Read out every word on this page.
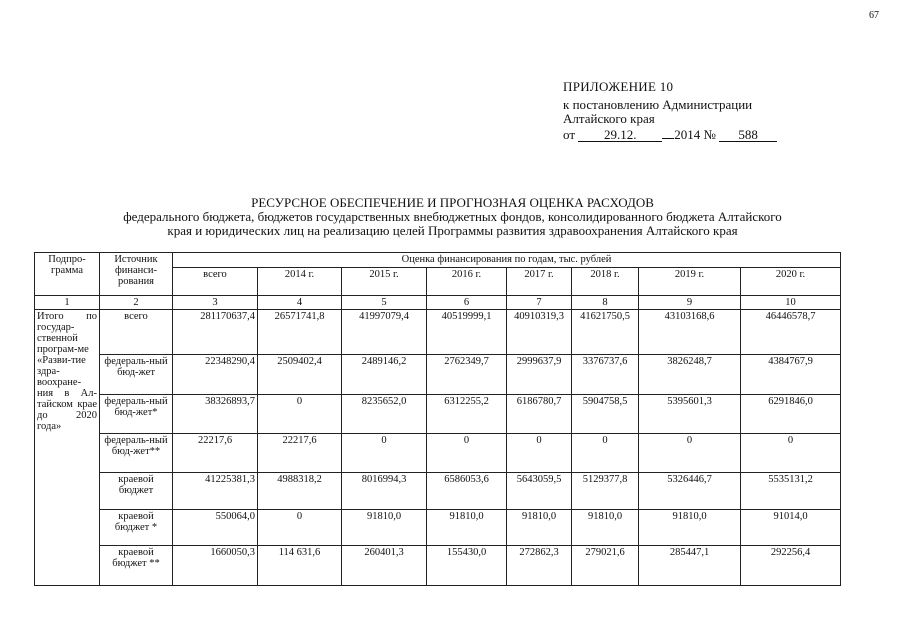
67
ПРИЛОЖЕНИЕ 10
к постановлению Администрации
Алтайского края
от 29.12.	2014 № 588
РЕСУРСНОЕ ОБЕСПЕЧЕНИЕ И ПРОГНОЗНАЯ ОЦЕНКА РАСХОДОВ
федерального бюджета, бюджетов государственных внебюджетных фондов, консолидированного бюджета Алтайского
края и юридических лиц на реализацию целей Программы развития здравоохранения Алтайского края
Подпро-грамма	Источник финанси-рования	Оценка финансирования по годам, тыс. рублей							
		всего	2014 г.	2015 г.	2016 г.	2017 г.	2018 г.	2019 г.	2020 г.
1	2	3	4	5	6	7	8	9	10
Итого по государ-ственной програм-ме «Разви-тие здра-воохране-ния в Ал-тайском крае до 2020 года»	всего	281170637,4	26571741,8	41997079,4	40519999,1	40910319,3	41621750,5	43103168,6	46446578,7
	федераль-ный бюд-жет	22348290,4	2509402,4	2489146,2	2762349,7	2999637,9	3376737,6	3826248,7	4384767,9
	федераль-ный бюд-жет*	38326893,7	0	8235652,0	6312255,2	6186780,7	5904758,5	5395601,3	6291846,0
	федераль-ный бюд-жет**	22217,6	22217,6	0	0	0	0	0	0
	краевой бюджет	41225381,3	4988318,2	8016994,3	6586053,6	5643059,5	5129377,8	5326446,7	5535131,2
	краевой бюджет *	550064,0	0	91810,0	91810,0	91810,0	91810,0	91810,0	91014,0
	краевой бюджет **	1660050,3	114 631,6	260401,3	155430,0	272862,3	279021,6	285447,1	292256,4
